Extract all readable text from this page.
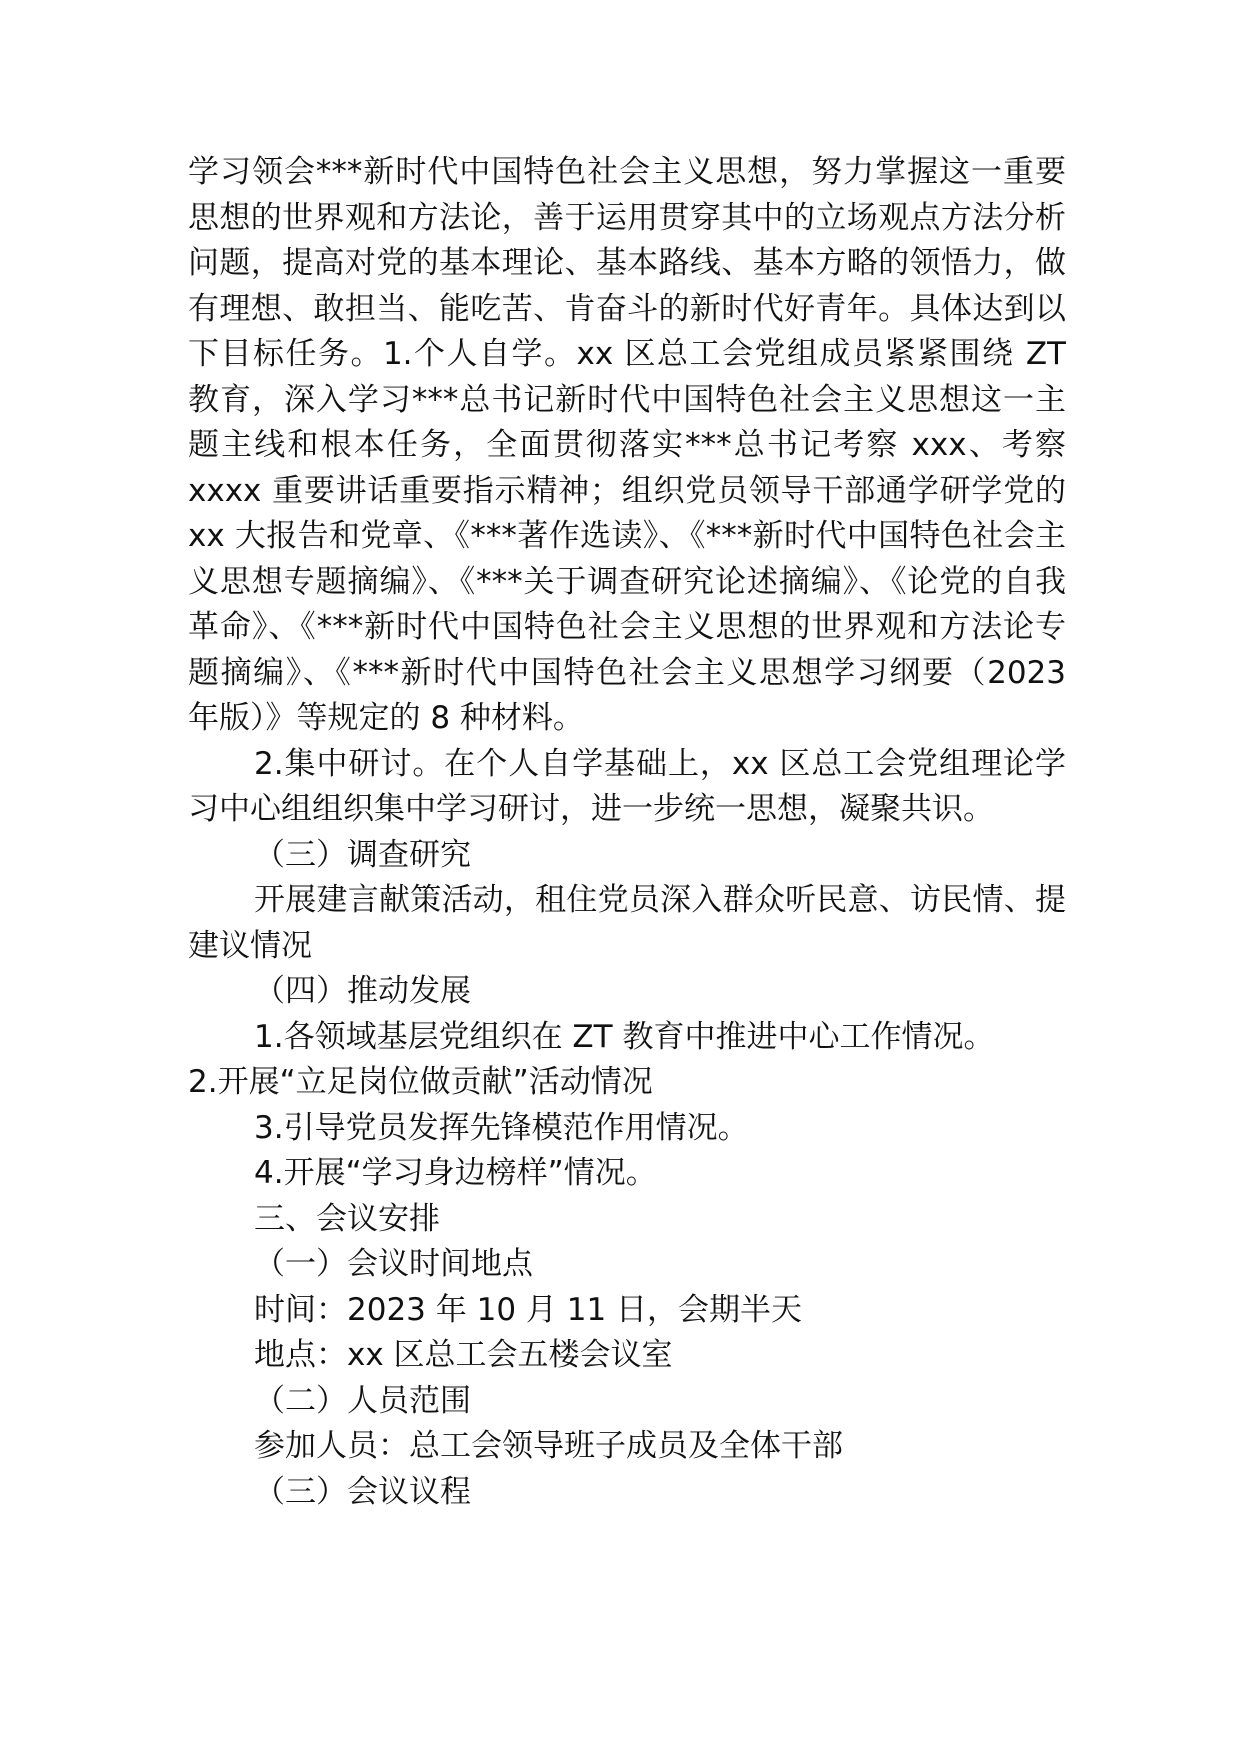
学习领会***新时代中国特色社会主义思想，努力掌握这一重要思想的世界观和方法论，善于运用贯穿其中的立场观点方法分析问题，提高对党的基本理论、基本路线、基本方略的领悟力，做有理想、敢担当、能吃苦、肯奋斗的新时代好青年。具体达到以下目标任务。1.个人自学。xx 区总工会党组成员紧紧围绕 ZT 教育，深入学习***总书记新时代中国特色社会主义思想这一主题主线和根本任务，全面贯彻落实***总书记考察 xxx、考察 xxxx 重要讲话重要指示精神；组织党员领导干部通学研学党的 xx 大报告和党章、《***著作选读》、《***新时代中国特色社会主义思想专题摘编》、《***关于调查研究论述摘编》、《论党的自我革命》、《***新时代中国特色社会主义思想的世界观和方法论专题摘编》、《***新时代中国特色社会主义思想学习纲要（2023 年版）》等规定的 8 种材料。

2.集中研讨。在个人自学基础上，xx 区总工会党组理论学习中心组组织集中学习研讨，进一步统一思想，凝聚共识。

（三）调查研究

开展建言献策活动，租住党员深入群众听民意、访民情、提建议情况

（四）推动发展

1.各领域基层党组织在 ZT 教育中推进中心工作情况。

2.开展“立足岗位做贡献”活动情况

3.引导党员发挥先锋模范作用情况。

4.开展“学习身边榜样”情况。

三、会议安排

（一）会议时间地点

时间：2023 年 10 月 11 日，会期半天

地点：xx 区总工会五楼会议室

（二）人员范围

参加人员：总工会领导班子成员及全体干部

（三）会议议程
